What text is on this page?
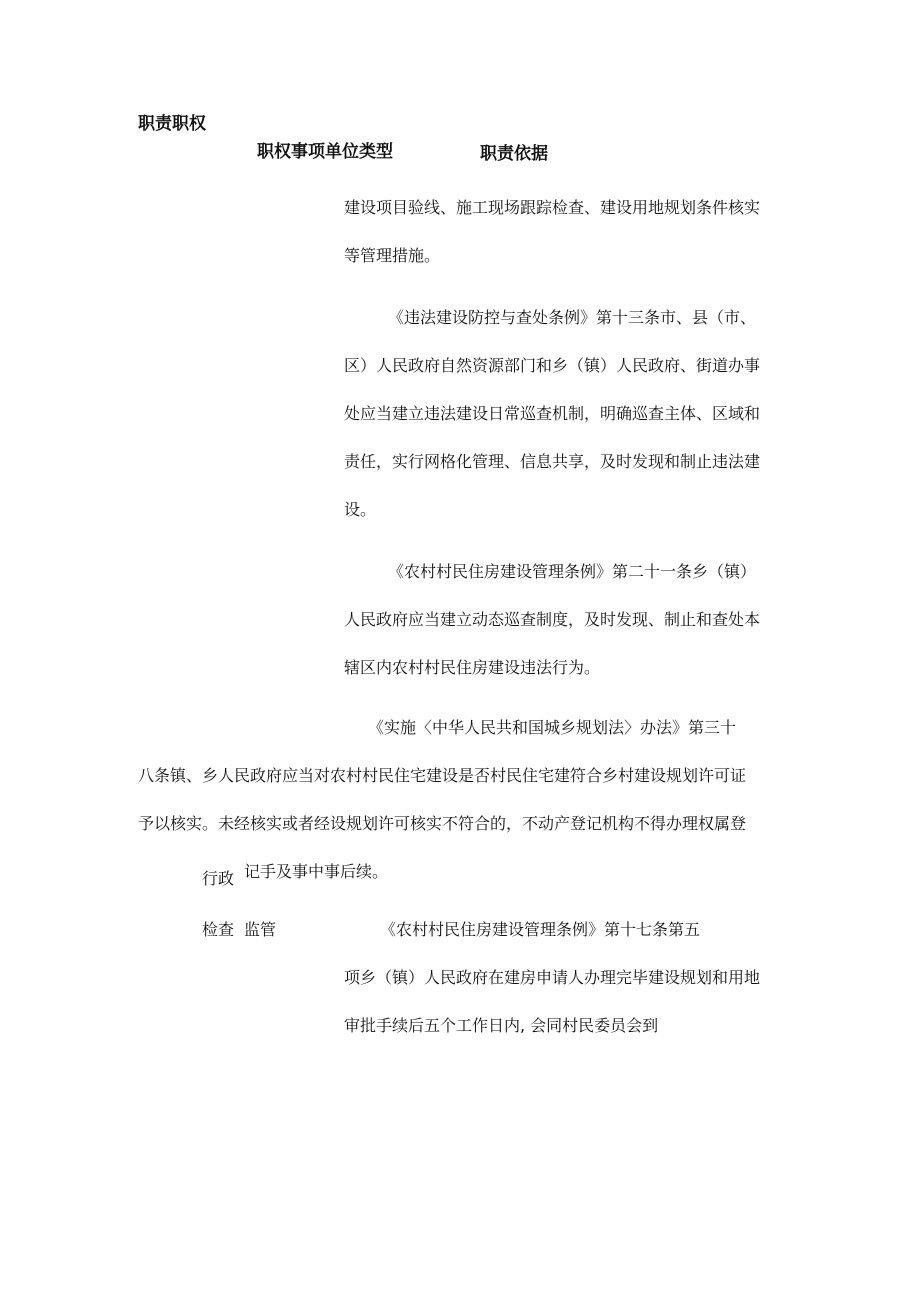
职责职权
职权事项单位类型	职责依据
建设项目验线、施工现场跟踪检查、建设用地规划条件核实
等管理措施。
《违法建设防控与查处条例》第十三条市、县（市、
区）人民政府自然资源部门和乡（镇）人民政府、街道办事
处应当建立违法建设日常巡查机制，明确巡查主体、区域和
责任，实行网格化管理、信息共享，及时发现和制止违法建
设。
《农村村民住房建设管理条例》第二十一条乡（镇）
人民政府应当建立动态巡查制度，及时发现、制止和查处本
辖区内农村村民住房建设违法行为。
《实施〈中华人民共和国城乡规划法〉办法》第三十
八条镇、乡人民政府应当对农村村民住宅建设是否村民住宅建符合乡村建设规划许可证
予以核实。未经核实或者经设规划许可核实不符合的，不动产登记机构不得办理权属登
记手及事中事后续。
行政
检查 监管	《农村村民住房建设管理条例》第十七条第五
项乡（镇）人民政府在建房申请人办理完毕建设规划和用地
审批手续后五个工作日内, 会同村民委员会到
